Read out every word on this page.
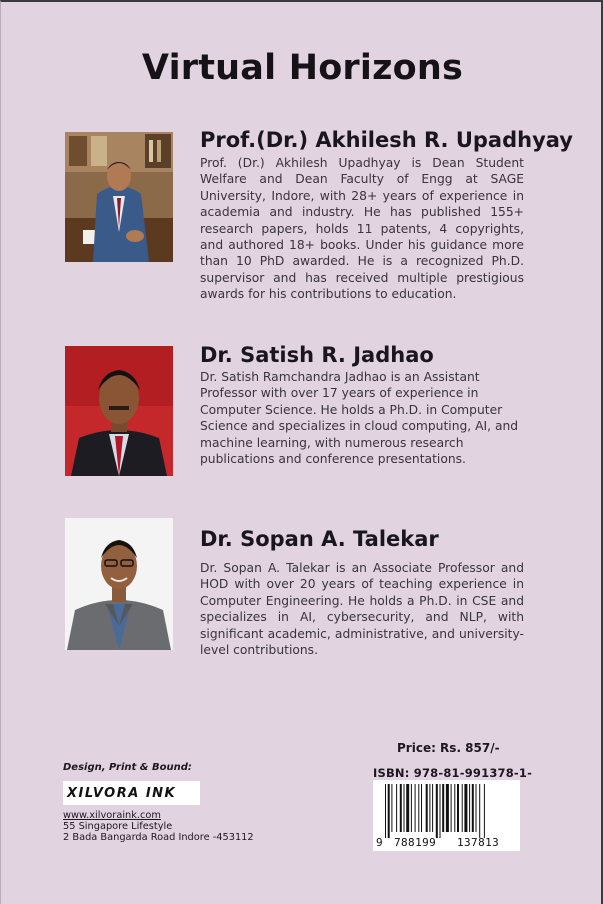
Virtual Horizons
Prof.(Dr.) Akhilesh R. Upadhyay
Prof. (Dr.) Akhilesh Upadhyay is Dean Student Welfare and Dean Faculty of Engg at SAGE University, Indore, with 28+ years of experience in academia and industry. He has published 155+ research papers, holds 11 patents, 4 copyrights, and authored 18+ books. Under his guidance more than 10 PhD awarded. He is a recognized Ph.D. supervisor and has received multiple prestigious awards for his contributions to education.
Dr. Satish R. Jadhao
Dr. Satish Ramchandra Jadhao is an Assistant Professor with over 17 years of experience in Computer Science. He holds a Ph.D. in Computer Science and specializes in cloud computing, AI, and machine learning, with numerous research publications and conference presentations.
Dr. Sopan A. Talekar
Dr. Sopan A. Talekar is an Associate Professor and HOD with over 20 years of teaching experience in Computer Engineering. He holds a Ph.D. in CSE and specializes in AI, cybersecurity, and NLP, with significant academic, administrative, and university-level contributions.
Design, Print & Bound:
XILVORA INK
www.xilvoraink.com
55 Singapore Lifestyle
2 Bada Bangarda Road Indore -453112
Price: Rs. 857/-
ISBN: 978-81-991378-1-
9 788199 137813
